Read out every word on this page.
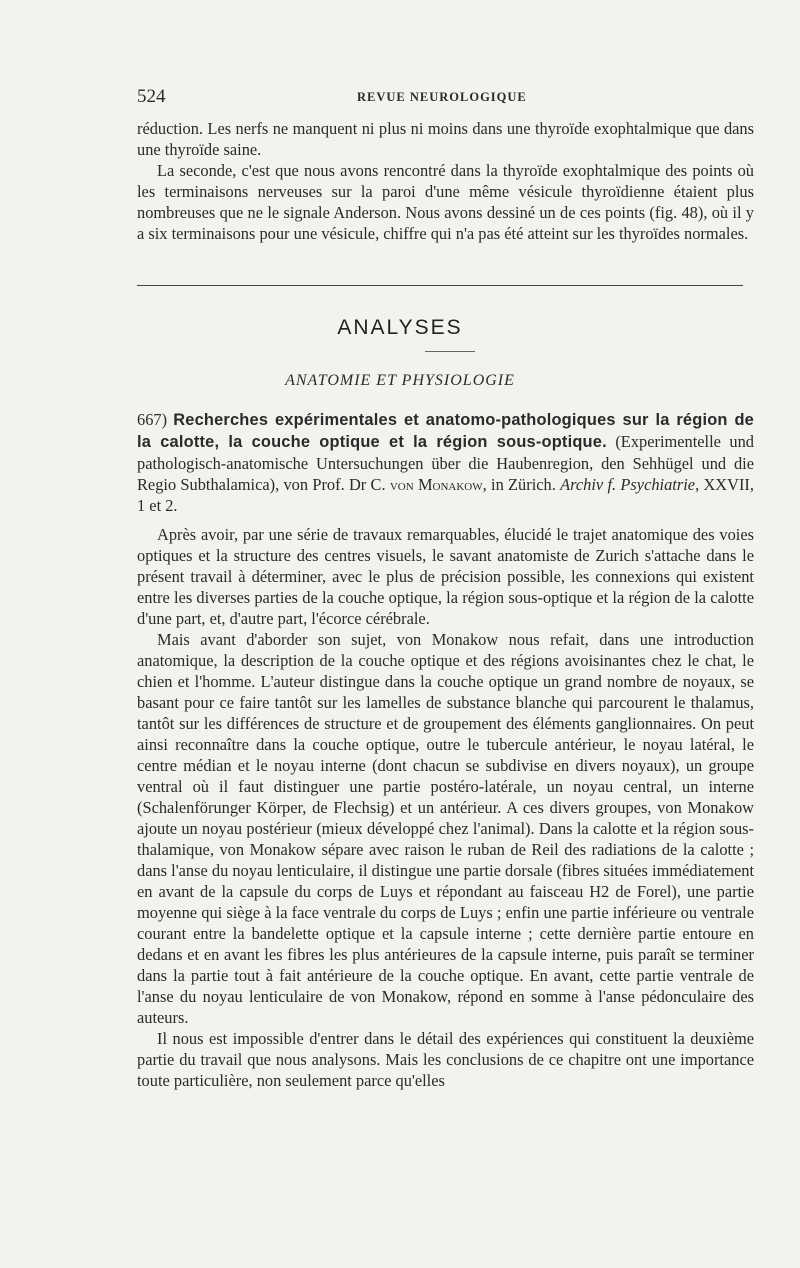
524	REVUE NEUROLOGIQUE

réduction. Les nerfs ne manquent ni plus ni moins dans une thyroïde exophtalmique que dans une thyroïde saine.

La seconde, c'est que nous avons rencontré dans la thyroïde exophtalmique des points où les terminaisons nerveuses sur la paroi d'une même vésicule thyroïdienne étaient plus nombreuses que ne le signale Anderson. Nous avons dessiné un de ces points (fig. 48), où il y a six terminaisons pour une vésicule, chiffre qui n'a pas été atteint sur les thyroïdes normales.

ANALYSES
ANATOMIE ET PHYSIOLOGIE

667) Recherches expérimentales et anatomo-pathologiques sur la région de la calotte, la couche optique et la région sous-optique. (Experimentelle und pathologisch-anatomische Untersuchungen über die Haubenregion, den Sehhügel und die Regio Subthalamica), von Prof. Dr C. von Monakow, in Zürich. Archiv f. Psychiatrie, XXVII, 1 et 2.

Après avoir, par une série de travaux remarquables, élucidé le trajet anatomique des voies optiques et la structure des centres visuels, le savant anatomiste de Zurich s'attache dans le présent travail à déterminer, avec le plus de précision possible, les connexions qui existent entre les diverses parties de la couche optique, la région sous-optique et la région de la calotte d'une part, et, d'autre part, l'écorce cérébrale.

Mais avant d'aborder son sujet, von Monakow nous refait, dans une introduction anatomique, la description de la couche optique et des régions avoisinantes chez le chat, le chien et l'homme. L'auteur distingue dans la couche optique un grand nombre de noyaux, se basant pour ce faire tantôt sur les lamelles de substance blanche qui parcourent le thalamus, tantôt sur les différences de structure et de groupement des éléments ganglionnaires. On peut ainsi reconnaître dans la couche optique, outre le tubercule antérieur, le noyau latéral, le centre médian et le noyau interne (dont chacun se subdivise en divers noyaux), un groupe ventral où il faut distinguer une partie postéro-latérale, un noyau central, un interne (Schalenförunger Körper, de Flechsig) et un antérieur. A ces divers groupes, von Monakow ajoute un noyau postérieur (mieux développé chez l'animal). Dans la calotte et la région sous-thalamique, von Monakow sépare avec raison le ruban de Reil des radiations de la calotte ; dans l'anse du noyau lenticulaire, il distingue une partie dorsale (fibres situées immédiatement en avant de la capsule du corps de Luys et répondant au faisceau H2 de Forel), une partie moyenne qui siège à la face ventrale du corps de Luys ; enfin une partie inférieure ou ventrale courant entre la bandelette optique et la capsule interne ; cette dernière partie entoure en dedans et en avant les fibres les plus antérieures de la capsule interne, puis paraît se terminer dans la partie tout à fait antérieure de la couche optique. En avant, cette partie ventrale de l'anse du noyau lenticulaire de von Monakow, répond en somme à l'anse pédonculaire des auteurs.

Il nous est impossible d'entrer dans le détail des expériences qui constituent la deuxième partie du travail que nous analysons. Mais les conclusions de ce chapitre ont une importance toute particulière, non seulement parce qu'elles
